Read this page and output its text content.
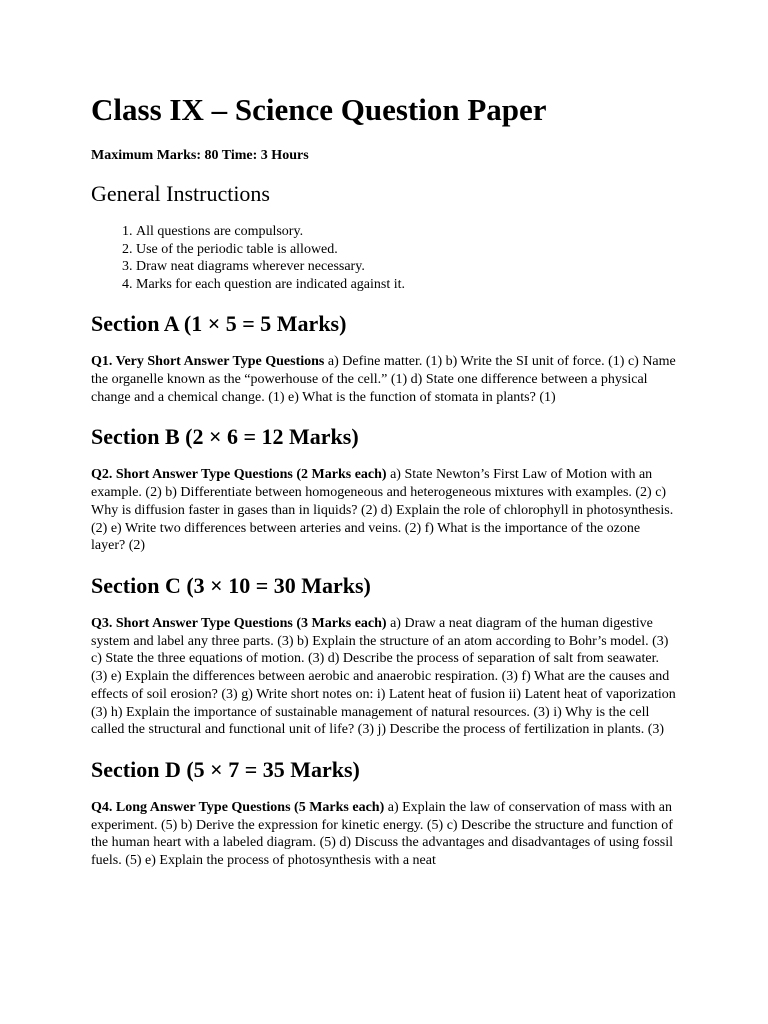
Class IX – Science Question Paper

Maximum Marks: 80 Time: 3 Hours

General Instructions
1. All questions are compulsory.
2. Use of the periodic table is allowed.
3. Draw neat diagrams wherever necessary.
4. Marks for each question are indicated against it.
Section A (1 × 5 = 5 Marks)

Q1. Very Short Answer Type Questions a) Define matter. (1) b) Write the SI unit of force. (1) c) Name the organelle known as the “powerhouse of the cell.” (1) d) State one difference between a physical change and a chemical change. (1) e) What is the function of stomata in plants? (1)

Section B (2 × 6 = 12 Marks)

Q2. Short Answer Type Questions (2 Marks each) a) State Newton’s First Law of Motion with an example. (2) b) Differentiate between homogeneous and heterogeneous mixtures with examples. (2) c) Why is diffusion faster in gases than in liquids? (2) d) Explain the role of chlorophyll in photosynthesis. (2) e) Write two differences between arteries and veins. (2) f) What is the importance of the ozone layer? (2)

Section C (3 × 10 = 30 Marks)

Q3. Short Answer Type Questions (3 Marks each) a) Draw a neat diagram of the human digestive system and label any three parts. (3) b) Explain the structure of an atom according to Bohr’s model. (3) c) State the three equations of motion. (3) d) Describe the process of separation of salt from seawater. (3) e) Explain the differences between aerobic and anaerobic respiration. (3) f) What are the causes and effects of soil erosion? (3) g) Write short notes on: i) Latent heat of fusion ii) Latent heat of vaporization (3) h) Explain the importance of sustainable management of natural resources. (3) i) Why is the cell called the structural and functional unit of life? (3) j) Describe the process of fertilization in plants. (3)

Section D (5 × 7 = 35 Marks)

Q4. Long Answer Type Questions (5 Marks each) a) Explain the law of conservation of mass with an experiment. (5) b) Derive the expression for kinetic energy. (5) c) Describe the structure and function of the human heart with a labeled diagram. (5) d) Discuss the advantages and disadvantages of using fossil fuels. (5) e) Explain the process of photosynthesis with a neat
